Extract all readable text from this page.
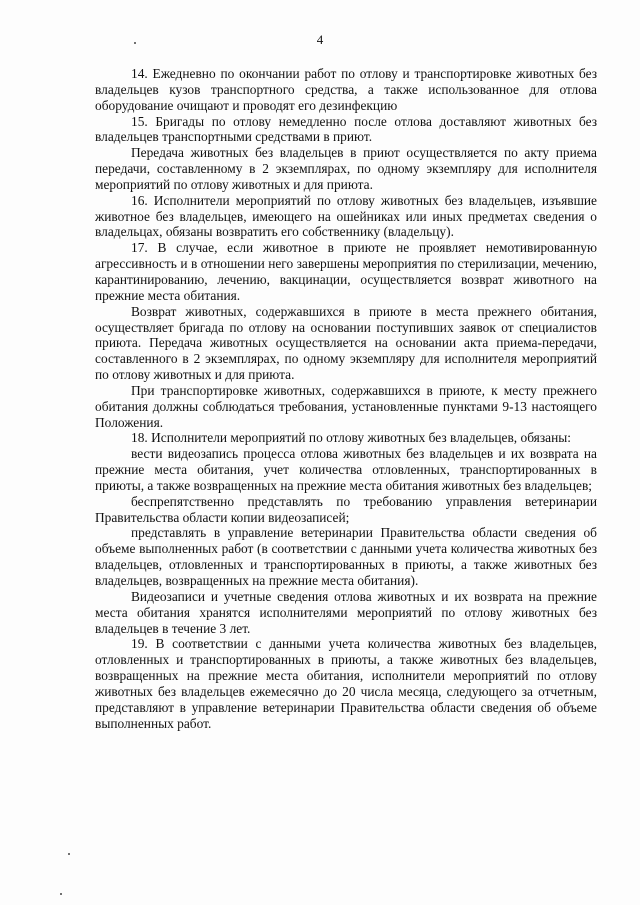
4

14. Ежедневно по окончании работ по отлову и транспортировке животных без владельцев кузов транспортного средства, а также использованное для отлова оборудование очищают и проводят его дезинфекцию

15. Бригады по отлову немедленно после отлова доставляют животных без владельцев транспортными средствами в приют.

Передача животных без владельцев в приют осуществляется по акту приема передачи, составленному в 2 экземплярах, по одному экземпляру для исполнителя мероприятий по отлову животных и для приюта.

16. Исполнители мероприятий по отлову животных без владельцев, изъявшие животное без владельцев, имеющего на ошейниках или иных предметах сведения о владельцах, обязаны возвратить его собственнику (владельцу).

17. В случае, если животное в приюте не проявляет немотивированную агрессивность и в отношении него завершены мероприятия по стерилизации, мечению, карантинированию, лечению, вакцинации, осуществляется возврат животного на прежние места обитания.

Возврат животных, содержавшихся в приюте в места прежнего обитания, осуществляет бригада по отлову на основании поступивших заявок от специалистов приюта. Передача животных осуществляется на основании акта приема-передачи, составленного в 2 экземплярах, по одному экземпляру для исполнителя мероприятий по отлову животных и для приюта.

При транспортировке животных, содержавшихся в приюте, к месту прежнего обитания должны соблюдаться требования, установленные пунктами 9-13 настоящего Положения.

18. Исполнители мероприятий по отлову животных без владельцев, обязаны:

вести видеозапись процесса отлова животных без владельцев и их возврата на прежние места обитания, учет количества отловленных, транспортированных в приюты, а также возвращенных на прежние места обитания животных без владельцев;

беспрепятственно представлять по требованию управления ветеринарии Правительства области копии видеозаписей;

представлять в управление ветеринарии Правительства области сведения об объеме выполненных работ (в соответствии с данными учета количества животных без владельцев, отловленных и транспортированных в приюты, а также животных без владельцев, возвращенных на прежние места обитания).

Видеозаписи и учетные сведения отлова животных и их возврата на прежние места обитания хранятся исполнителями мероприятий по отлову животных без владельцев в течение 3 лет.

19. В соответствии с данными учета количества животных без владельцев, отловленных и транспортированных в приюты, а также животных без владельцев, возвращенных на прежние места обитания, исполнители мероприятий по отлову животных без владельцев ежемесячно до 20 числа месяца, следующего за отчетным, представляют в управление ветеринарии Правительства области сведения об объеме выполненных работ.
